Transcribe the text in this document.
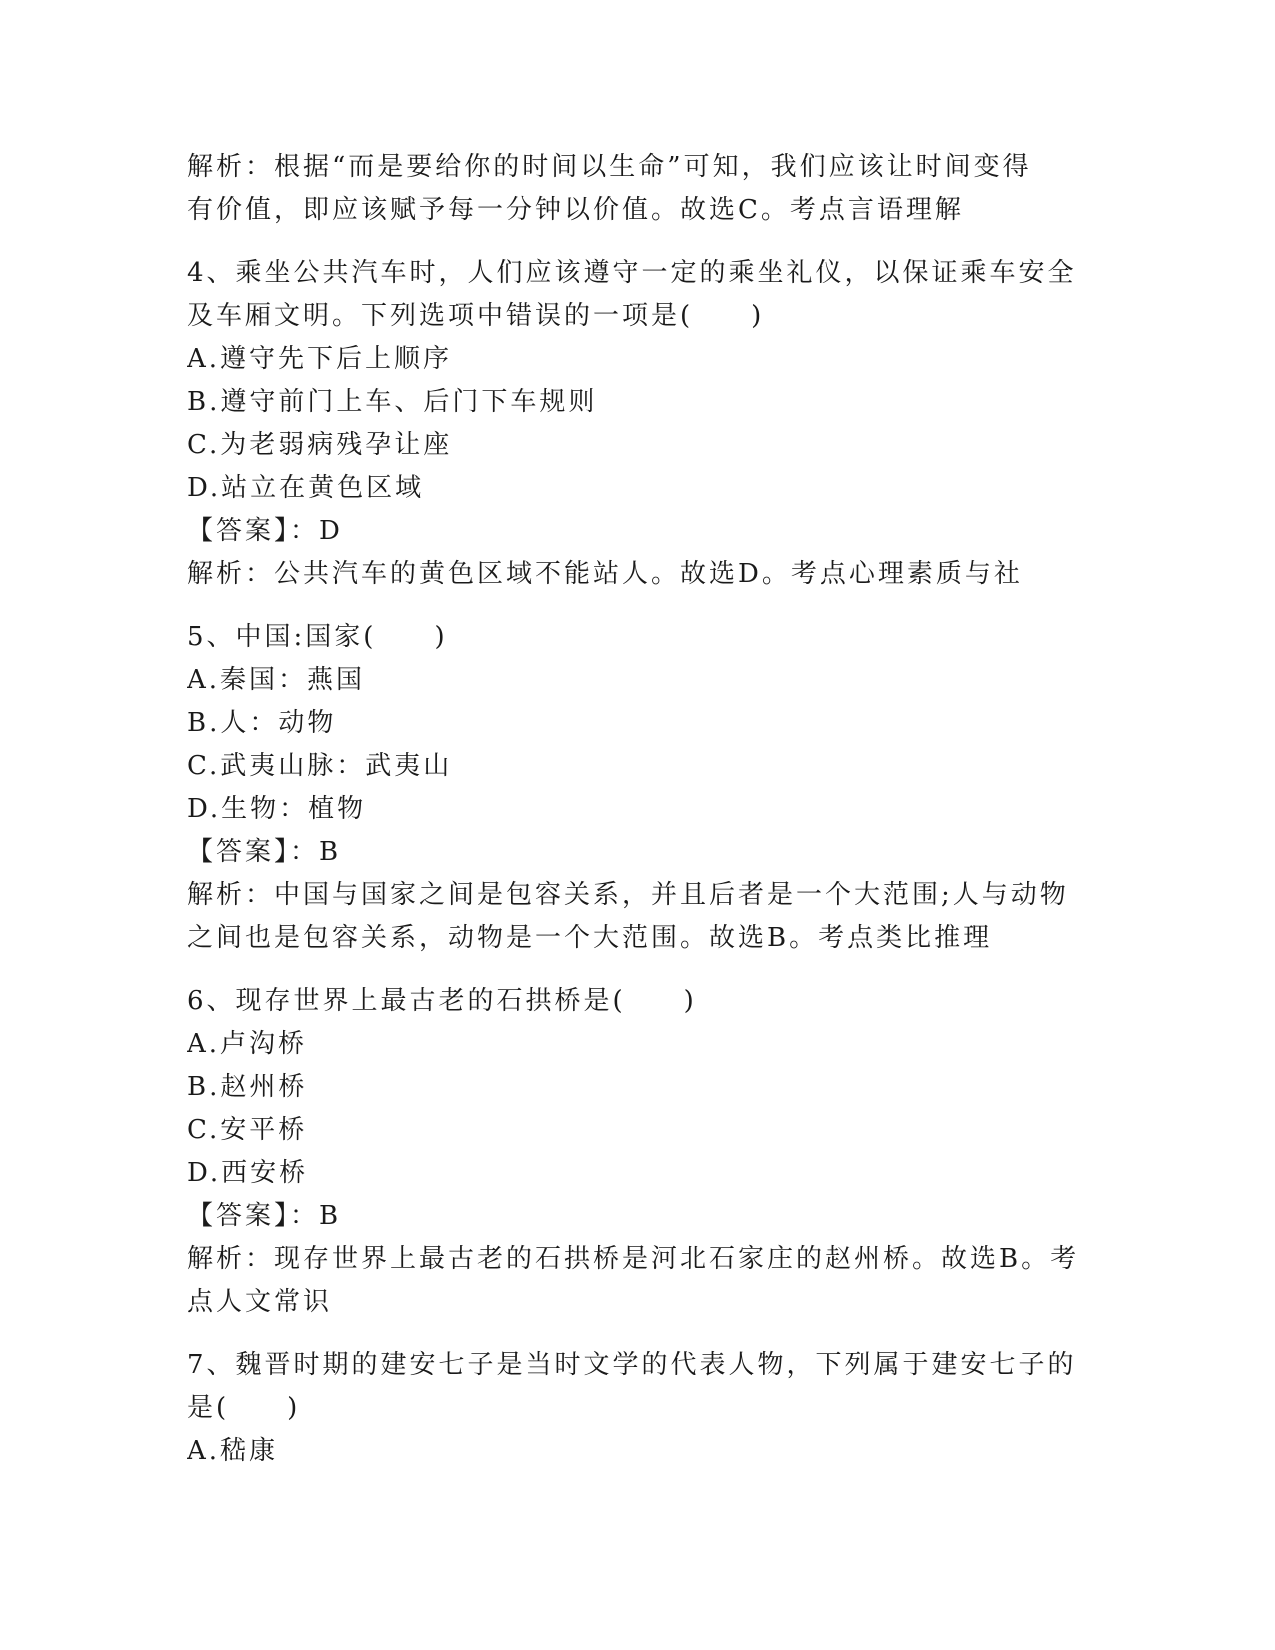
解析：根据“而是要给你的时间以生命”可知，我们应该让时间变得
有价值，即应该赋予每一分钟以价值。故选C。考点言语理解
4、乘坐公共汽车时，人们应该遵守一定的乘坐礼仪，以保证乘车安全
及车厢文明。下列选项中错误的一项是(　　)
A.遵守先下后上顺序
B.遵守前门上车、后门下车规则
C.为老弱病残孕让座
D.站立在黄色区域
【答案】：D
解析：公共汽车的黄色区域不能站人。故选D。考点心理素质与社
5、中国:国家(　　)
A.秦国：燕国
B.人：动物
C.武夷山脉：武夷山
D.生物：植物
【答案】：B
解析：中国与国家之间是包容关系，并且后者是一个大范围;人与动物
之间也是包容关系，动物是一个大范围。故选B。考点类比推理
6、现存世界上最古老的石拱桥是(　　)
A.卢沟桥
B.赵州桥
C.安平桥
D.西安桥
【答案】：B
解析：现存世界上最古老的石拱桥是河北石家庄的赵州桥。故选B。考
点人文常识
7、魏晋时期的建安七子是当时文学的代表人物，下列属于建安七子的
是(　　)
A.嵇康
